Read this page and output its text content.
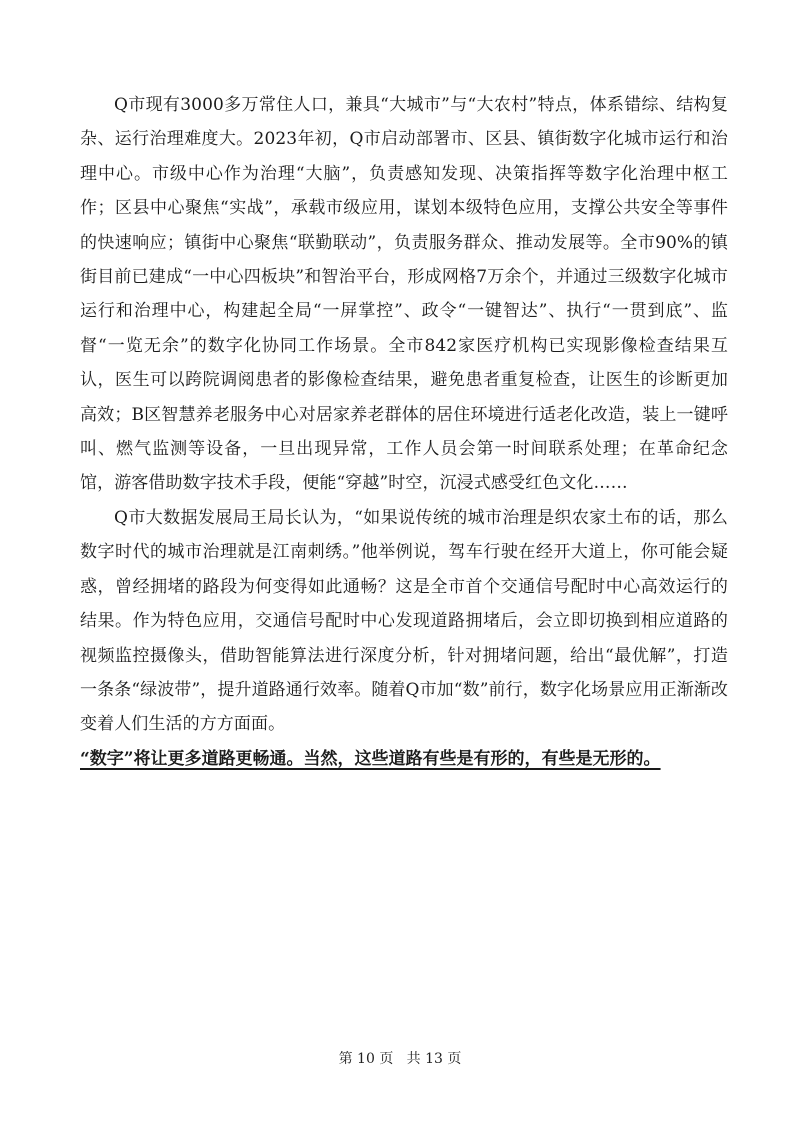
Q市现有3000多万常住人口，兼具“大城市”与“大农村”特点，体系错综、结构复杂、运行治理难度大。2023年初，Q市启动部署市、区县、镇街数字化城市运行和治理中心。市级中心作为治理“大脑”，负责感知发现、决策指挥等数字化治理中枢工作；区县中心聚焦“实战”，承载市级应用，谋划本级特色应用，支撑公共安全等事件的快速响应；镇街中心聚焦“联勤联动”，负责服务群众、推动发展等。全市90%的镇街目前已建成“一中心四板块”和智治平台，形成网格7万余个，并通过三级数字化城市运行和治理中心，构建起全局“一屏掌控”、政令“一键智达”、执行“一贯到底”、监督“一览无余”的数字化协同工作场景。全市842家医疗机构已实现影像检查结果互认，医生可以跨院调阅患者的影像检查结果，避免患者重复检查，让医生的诊断更加高效；B区智慧养老服务中心对居家养老群体的居住环境进行适老化改造，装上一键呼叫、燃气监测等设备，一旦出现异常，工作人员会第一时间联系处理；在革命纪念馆，游客借助数字技术手段，便能“穿越”时空，沉浸式感受红色文化……

Q市大数据发展局王局长认为，“如果说传统的城市治理是织农家土布的话，那么数字时代的城市治理就是江南刺绣。”他举例说，驾车行驶在经开大道上，你可能会疑惑，曾经拥堵的路段为何变得如此通畅？这是全市首个交通信号配时中心高效运行的结果。作为特色应用，交通信号配时中心发现道路拥堵后，会立即切换到相应道路的视频监控摄像头，借助智能算法进行深度分析，针对拥堵问题，给出“最优解”，打造一条条“绿波带”，提升道路通行效率。随着Q市加“数”前行，数字化场景应用正渐渐改变着人们生活的方方面面。

“数字”将让更多道路更畅通。当然，这些道路有些是有形的，有些是无形的。

第 10 页   共 13 页
